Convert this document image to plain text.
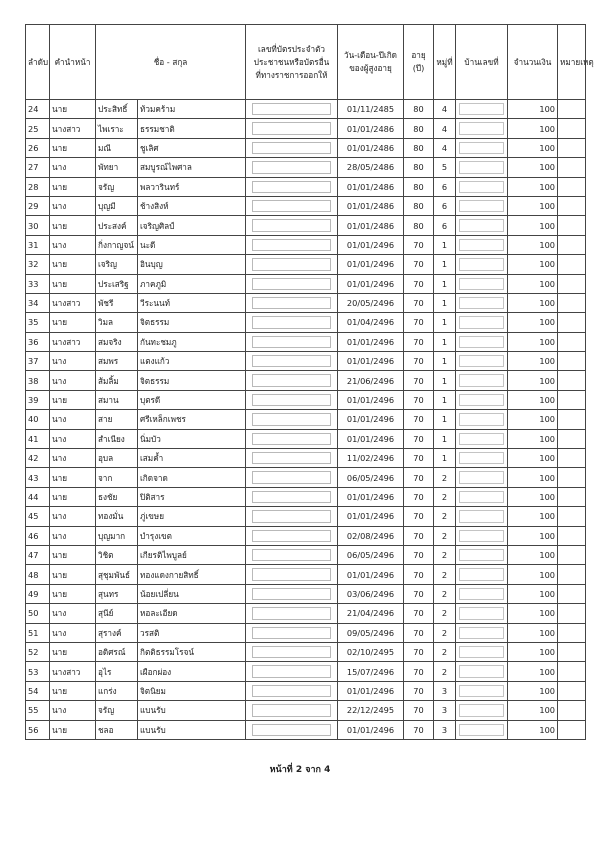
ลำดับ	คำนำหน้า	ชื่อ - สกุล		เลขที่บัตรประจำตัวประชาชนหรือบัตรอื่นที่ทางราชการออกให้	วัน-เดือน-ปีเกิดของผู้สูงอายุ	อายุ (ปี)	หมู่ที่	บ้านเลขที่	จำนวนเงิน	หมายเหตุ
24	นาย	ประสิทธิ์	ท้วมคร้าม		01/11/2485	80	4		100	
25	นางสาว	ไพเราะ	ธรรมชาติ		01/01/2486	80	4		100	
26	นาย	มณี	ชูเลิศ		01/01/2486	80	4		100	
27	นาง	พัทยา	สมบูรณ์ไพศาล		28/05/2486	80	5		100	
28	นาย	จรัญ	พลวารินทร์		01/01/2486	80	6		100	
29	นาง	บุญมี	ช้างสิงห์		01/01/2486	80	6		100	
30	นาย	ประสงค์	เจริญศิลป์		01/01/2486	80	6		100	
31	นาง	กิ่งกาญจน์	นะดี		01/01/2496	70	1		100	
32	นาย	เจริญ	อินบุญ		01/01/2496	70	1		100	
33	นาย	ประเสริฐ	ภาคภูมิ		01/01/2496	70	1		100	
34	นางสาว	พัชรี	วีระนนท์		20/05/2496	70	1		100	
35	นาย	วิมล	จิตธรรม		01/04/2496	70	1		100	
36	นางสาว	สมจริง	กันทะชมภู		01/01/2496	70	1		100	
37	นาง	สมพร	แตงแก้ว		01/01/2496	70	1		100	
38	นาง	ส้มลิ้ม	จิตธรรม		21/06/2496	70	1		100	
39	นาย	สมาน	บุตรดี		01/01/2496	70	1		100	
40	นาง	สาย	ศรีเหล็กเพชร		01/01/2496	70	1		100	
41	นาง	สำเนียง	นิ่มบัว		01/01/2496	70	1		100	
42	นาง	อุบล	เสมค้ำ		11/02/2496	70	1		100	
43	นาย	จาก	เกิดจาด		06/05/2496	70	2		100	
44	นาย	ธงชัย	ปิติสาร		01/01/2496	70	2		100	
45	นาง	ทองมั่น	ภู่เขษย		01/01/2496	70	2		100	
46	นาง	บุญมาก	บำรุงเขต		02/08/2496	70	2		100	
47	นาย	วิชิต	เกียรติไพบูลย์		06/05/2496	70	2		100	
48	นาย	สุชุมพันธ์	ทองแดงกายสิทธิ์		01/01/2496	70	2		100	
49	นาย	สุนทร	น้อยเปลี่ยน		03/06/2496	70	2		100	
50	นาง	สุนีย์	หอละเอียด		21/04/2496	70	2		100	
51	นาง	สุรางค์	วรสติ		09/05/2496	70	2		100	
52	นาย	อดิศรณ์	กิตติธรรมโรจน์		02/10/2495	70	2		100	
53	นางสาว	อุไร	เผือกผ่อง		15/07/2496	70	2		100	
54	นาย	แกร่ง	จิตนิยม		01/01/2496	70	3		100	
55	นาง	จรัญ	แบนรับ		22/12/2495	70	3		100	
56	นาย	ชลอ	แบนรับ		01/01/2496	70	3		100	
หน้าที่ 2 จาก 4
